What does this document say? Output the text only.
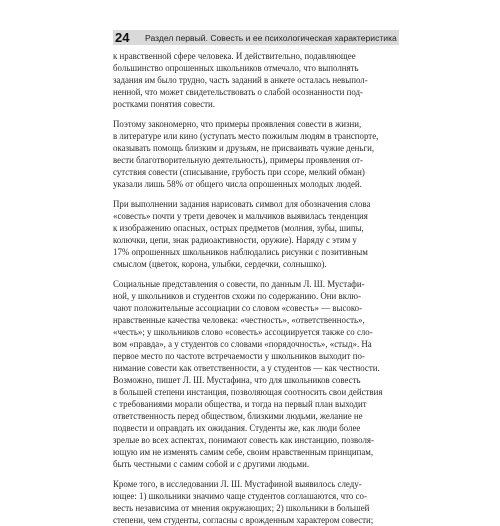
24	Раздел первый. Совесть и ее психологическая характеристика
к нравственной сфере человека. И действительно, подавляющее
большинство опрошенных школьников отмечало, что выполнять
задания им было трудно, часть заданий в анкете осталась невыпол-
ненной, что может свидетельствовать о слабой осознанности под-
ростками понятия совести.
Поэтому закономерно, что примеры проявления совести в жизни,
в литературе или кино (уступать место пожилым людям в транспорте,
оказывать помощь близким и друзьям, не присваивать чужие деньги,
вести благотворительную деятельность), примеры проявления от-
сутствия совести (списывание, грубость при ссоре, мелкий обман)
указали лишь 58% от общего числа опрошенных молодых людей.
При выполнении задания нарисовать символ для обозначения слова
«совесть» почти у трети девочек и мальчиков выявилась тенденция
к изображению опасных, острых предметов (молния, зубы, шипы,
колючки, цепи, знак радиоактивности, оружие). Наряду с этим у
17% опрошенных школьников наблюдались рисунки с позитивным
смыслом (цветок, корона, улыбки, сердечки, солнышко).
Социальные представления о совести, по данным Л. Ш. Мустафи-
ной, у школьников и студентов схожи по содержанию. Они вклю-
чают положительные ассоциации со словом «совесть» — высоко-
нравственные качества человека: «честность», «ответственность»,
«честь»; у школьников слово «совесть» ассоциируется также со сло-
вом «правда», а у студентов со словами «порядочность», «стыд». На
первое место по частоте встречаемости у школьников выходит по-
нимание совести как ответственности, а у студентов — как честности.
Возможно, пишет Л. Ш. Мустафина, что для школьников совесть
в большей степени инстанция, позволяющая соотносить свои действия
с требованиями морали общества, и тогда на первый план выходит
ответственность перед обществом, близкими людьми, желание не
подвести и оправдать их ожидания. Студенты же, как люди более
зрелые во всех аспектах, понимают совесть как инстанцию, позволя-
ющую им не изменять самим себе, своим нравственным принципам,
быть честными с самим собой и с другими людьми.
Кроме того, в исследовании Л. Ш. Мустафиной выявилось следу-
ющее: 1) школьники значимо чаще студентов соглашаются, что со-
весть независима от мнения окружающих; 2) школьники в большей
степени, чем студенты, согласны с врожденным характером совести;
